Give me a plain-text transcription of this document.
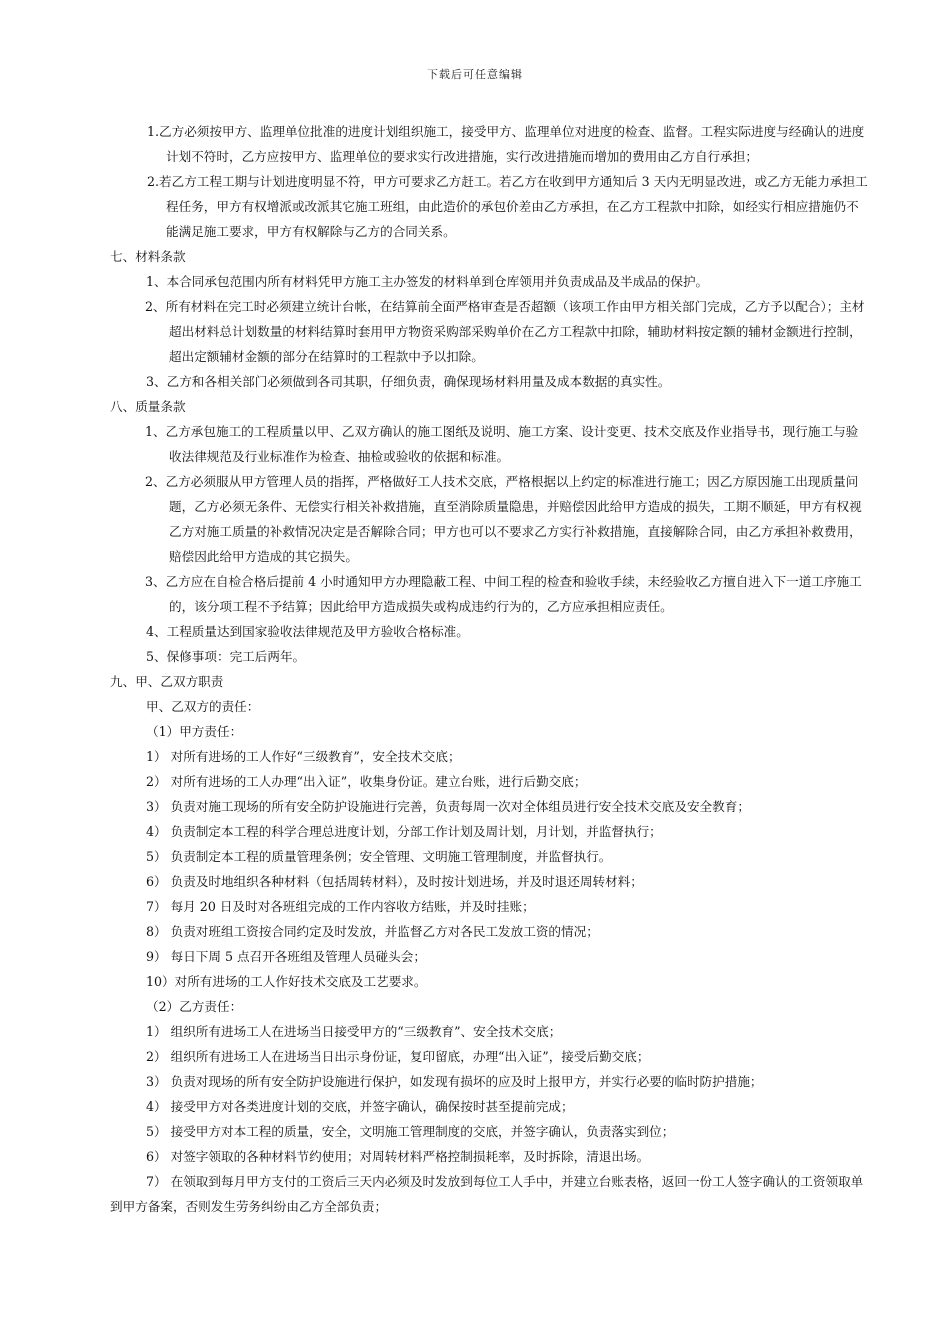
下载后可任意编辑

1.乙方必须按甲方、监理单位批准的进度计划组织施工，接受甲方、监理单位对进度的检查、监督。工程实际进度与经确认的进度计划不符时，乙方应按甲方、监理单位的要求实行改进措施，实行改进措施而增加的费用由乙方自行承担；

2.若乙方工程工期与计划进度明显不符，甲方可要求乙方赶工。若乙方在收到甲方通知后 3 天内无明显改进，或乙方无能力承担工程任务，甲方有权增派或改派其它施工班组，由此造价的承包价差由乙方承担，在乙方工程款中扣除，如经实行相应措施仍不能满足施工要求，甲方有权解除与乙方的合同关系。

七、材料条款

1、本合同承包范围内所有材料凭甲方施工主办签发的材料单到仓库领用并负责成品及半成品的保护。

2、所有材料在完工时必须建立统计台帐，在结算前全面严格审查是否超额（该项工作由甲方相关部门完成，乙方予以配合）；主材超出材料总计划数量的材料结算时套用甲方物资采购部采购单价在乙方工程款中扣除，辅助材料按定额的辅材金额进行控制，超出定额辅材金额的部分在结算时的工程款中予以扣除。

3、乙方和各相关部门必须做到各司其职，仔细负责，确保现场材料用量及成本数据的真实性。

八、质量条款

1、乙方承包施工的工程质量以甲、乙双方确认的施工图纸及说明、施工方案、设计变更、技术交底及作业指导书，现行施工与验收法律规范及行业标准作为检查、抽检或验收的依据和标准。

2、乙方必须服从甲方管理人员的指挥，严格做好工人技术交底，严格根据以上约定的标准进行施工；因乙方原因施工出现质量问题，乙方必须无条件、无偿实行相关补救措施，直至消除质量隐患，并赔偿因此给甲方造成的损失，工期不顺延，甲方有权视乙方对施工质量的补救情况决定是否解除合同；甲方也可以不要求乙方实行补救措施，直接解除合同，由乙方承担补救费用，赔偿因此给甲方造成的其它损失。

3、乙方应在自检合格后提前 4 小时通知甲方办理隐蔽工程、中间工程的检查和验收手续，未经验收乙方擅自进入下一道工序施工的，该分项工程不予结算；因此给甲方造成损失或构成违约行为的，乙方应承担相应责任。

4、工程质量达到国家验收法律规范及甲方验收合格标准。

5、保修事项：完工后两年。

九、甲、乙双方职责

甲、乙双方的责任：

（1）甲方责任：

1） 对所有进场的工人作好“三级教育”，安全技术交底；

2） 对所有进场的工人办理“出入证”，收集身份证。建立台账，进行后勤交底；

3） 负责对施工现场的所有安全防护设施进行完善，负责每周一次对全体组员进行安全技术交底及安全教育；

4） 负责制定本工程的科学合理总进度计划，分部工作计划及周计划，月计划，并监督执行；

5） 负责制定本工程的质量管理条例；安全管理、文明施工管理制度，并监督执行。

6） 负责及时地组织各种材料（包括周转材料），及时按计划进场，并及时退还周转材料；

7） 每月 20 日及时对各班组完成的工作内容收方结账，并及时挂账；

8） 负责对班组工资按合同约定及时发放，并监督乙方对各民工发放工资的情况；

9） 每日下周 5 点召开各班组及管理人员碰头会；

10）对所有进场的工人作好技术交底及工艺要求。

（2）乙方责任：

1） 组织所有进场工人在进场当日接受甲方的“三级教育”、安全技术交底；

2） 组织所有进场工人在进场当日出示身份证，复印留底，办理“出入证”，接受后勤交底；

3） 负责对现场的所有安全防护设施进行保护，如发现有损坏的应及时上报甲方，并实行必要的临时防护措施；

4） 接受甲方对各类进度计划的交底，并签字确认，确保按时甚至提前完成；

5） 接受甲方对本工程的质量，安全，文明施工管理制度的交底，并签字确认，负责落实到位；

6） 对签字领取的各种材料节约使用；对周转材料严格控制损耗率，及时拆除，清退出场。

7） 在领取到每月甲方支付的工资后三天内必须及时发放到每位工人手中，并建立台账表格，返回一份工人签字确认的工资领取单到甲方备案，否则发生劳务纠纷由乙方全部负责；
